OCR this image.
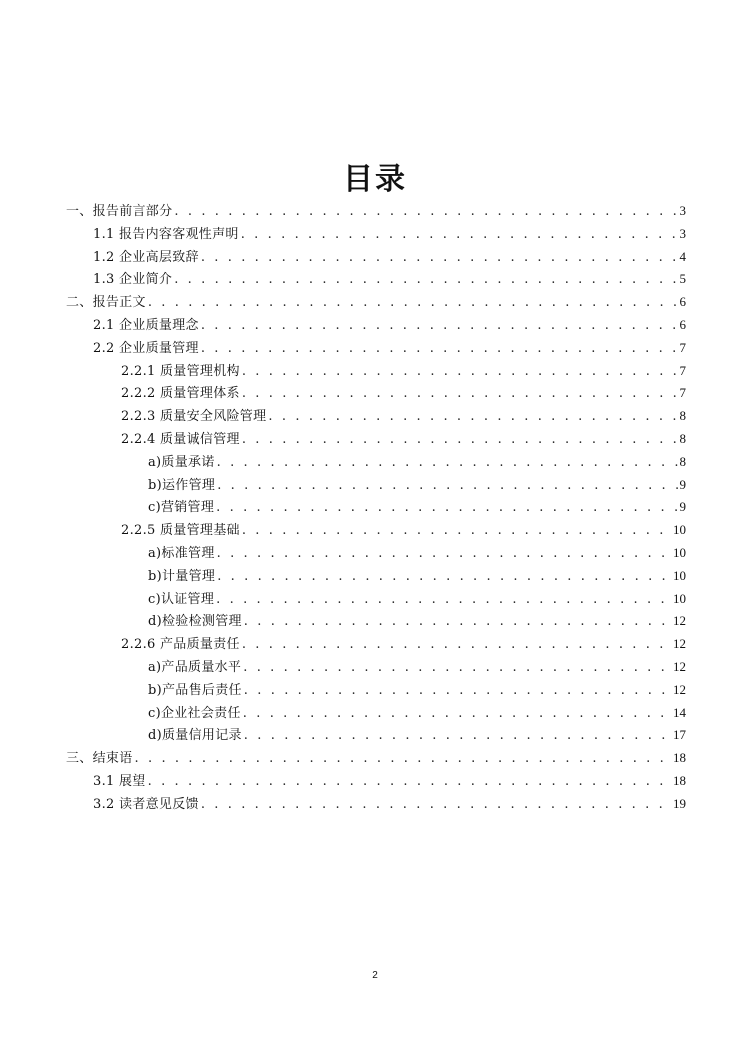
目录
一、报告前言部分 . . .	3
1.1 报告内容客观性声明 . . .	3
1.2 企业高层致辞 . . .	4
1.3 企业简介 . . .	5
二、报告正文 . . .	6
2.1 企业质量理念 . . .	6
2.2 企业质量管理 . . .	7
2.2.1 质量管理机构 . . .	7
2.2.2 质量管理体系 . . .	7
2.2.3 质量安全风险管理 . . .	8
2.2.4 质量诚信管理 . . .	8
a)质量承诺 . . .	8
b)运作管理 . . .	9
c)营销管理 . . .	9
2.2.5 质量管理基础 . . .	10
a)标准管理 . . .	10
b)计量管理 . . .	10
c)认证管理 . . .	10
d)检验检测管理 . . .	12
2.2.6 产品质量责任 . . .	12
a)产品质量水平 . . .	12
b)产品售后责任 . . .	12
c)企业社会责任 . . .	14
d)质量信用记录 . . .	17
三、结束语 . . .	18
3.1 展望 . . .	18
3.2 读者意见反馈 . . .	19
2
